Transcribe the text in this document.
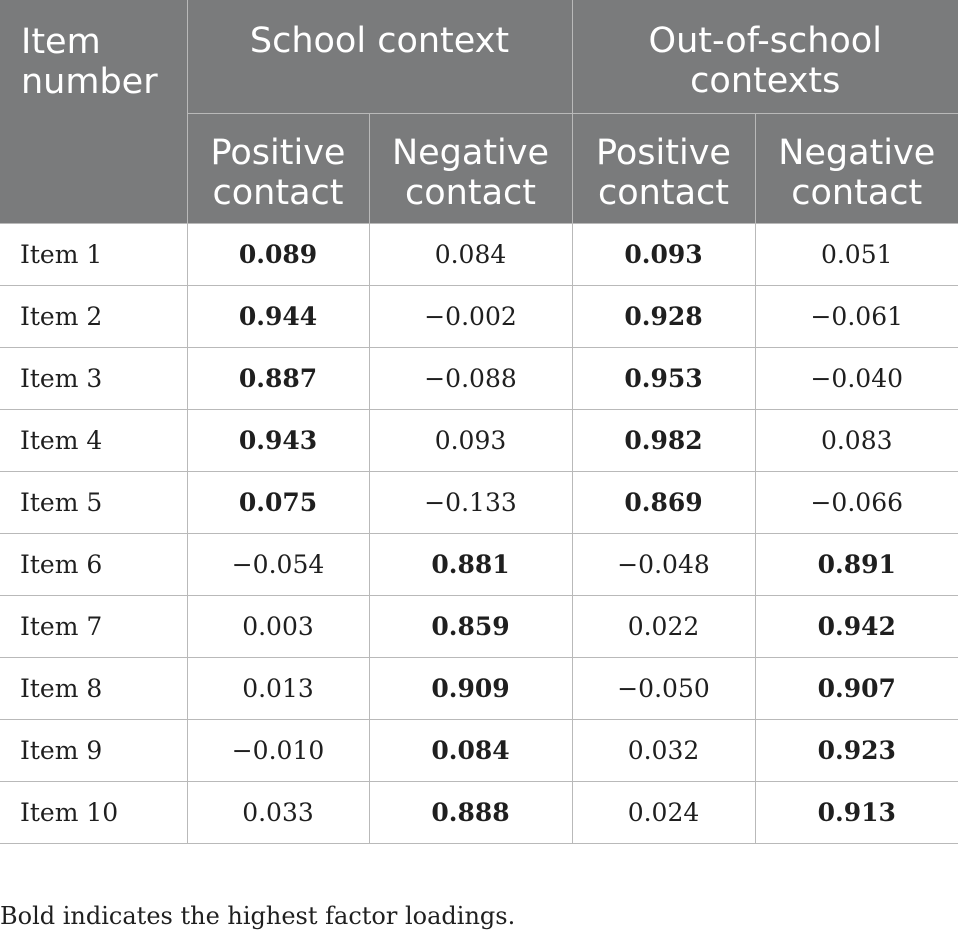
Item number	School context		Out-of-school contexts	
	Positive contact	Negative contact	Positive contact	Negative contact
Item 1	0.089	0.084	0.093	0.051
Item 2	0.944	−0.002	0.928	−0.061
Item 3	0.887	−0.088	0.953	−0.040
Item 4	0.943	0.093	0.982	0.083
Item 5	0.075	−0.133	0.869	−0.066
Item 6	−0.054	0.881	−0.048	0.891
Item 7	0.003	0.859	0.022	0.942
Item 8	0.013	0.909	−0.050	0.907
Item 9	−0.010	0.084	0.032	0.923
Item 10	0.033	0.888	0.024	0.913

Bold indicates the highest factor loadings.
